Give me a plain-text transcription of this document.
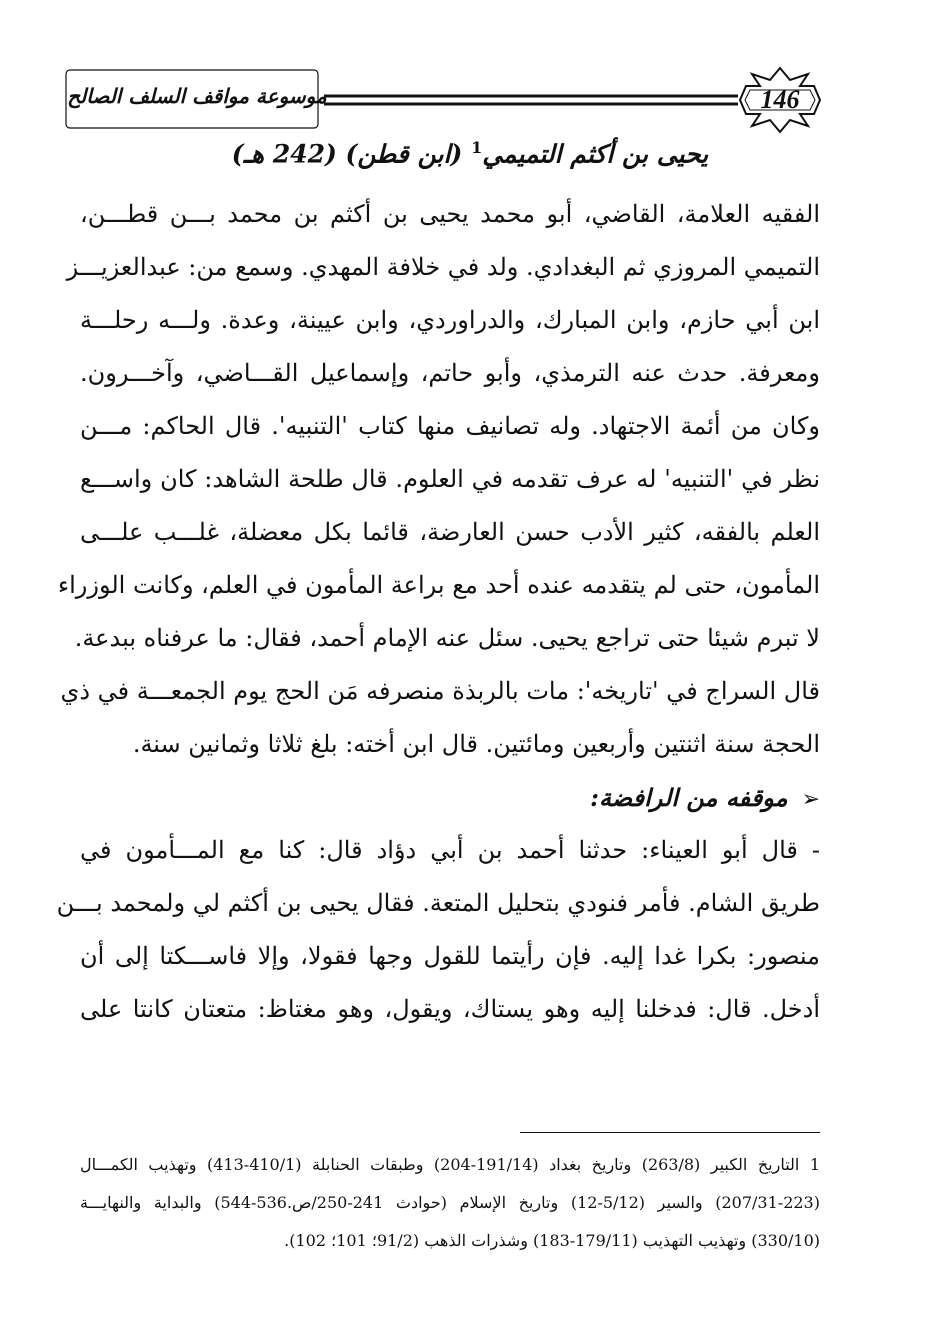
موسوعة مواقف السلف الصالح	146
يحيى بن أكثم التميمي$^1$ (ابن قطن) (242 هـ)
الفقيه العلامة، القاضي، أبو محمد يحيى بن أكثم بن محمد بـــن قطـــن،
التميمي المروزي ثم البغدادي. ولد في خلافة المهدي. وسمع من: عبدالعزيـــز
ابن أبي حازم، وابن المبارك، والدراوردي، وابن عيينة، وعدة. ولـــه رحلـــة
ومعرفة. حدث عنه الترمذي، وأبو حاتم، وإسماعيل القـــاضي، وآخـــرون.
وكان من أئمة الاجتهاد. وله تصانيف منها كتاب 'التنبيه'. قال الحاكم: مـــن
نظر في 'التنبيه' له عرف تقدمه في العلوم. قال طلحة الشاهد: كان واســـع
العلم بالفقه، كثير الأدب حسن العارضة، قائما بكل معضلة، غلـــب علـــى
المأمون، حتى لم يتقدمه عنده أحد مع براعة المأمون في العلم، وكانت الوزراء
لا تبرم شيئا حتى تراجع يحيى. سئل عنه الإمام أحمد، فقال: ما عرفناه ببدعة.
قال السراج في 'تاريخه': مات بالربذة منصرفه مَن الحج يوم الجمعـــة في ذي
الحجة سنة اثنتين وأربعين ومائتين. قال ابن أخته: بلغ ثلاثا وثمانين سنة.
➢موقفه من الرافضة:
- قال أبو العيناء: حدثنا أحمد بن أبي دؤاد قال: كنا مع المـــأمون في
طريق الشام. فأمر فنودي بتحليل المتعة. فقال يحيى بن أكثم لي ولمحمد بـــن
منصور: بكرا غدا إليه. فإن رأيتما للقول وجها فقولا، وإلا فاســـكتا إلى أن
أدخل. قال: فدخلنا إليه وهو يستاك، ويقول، وهو مغتاظ: متعتان كانتا على
1 التاريخ الكبير (263/8) وتاريخ بغداد (191/14-204) وطبقات الحنابلة (410/1-413) وتهذيب الكمـــال
(207/31-223) والسير (5/12-12) وتاريخ الإسلام (حوادث 241-250/ص.536-544) والبداية والنهايـــة
(330/10) وتهذيب التهذيب (179/11-183) وشذرات الذهب (91/2؛ 101؛ 102).
